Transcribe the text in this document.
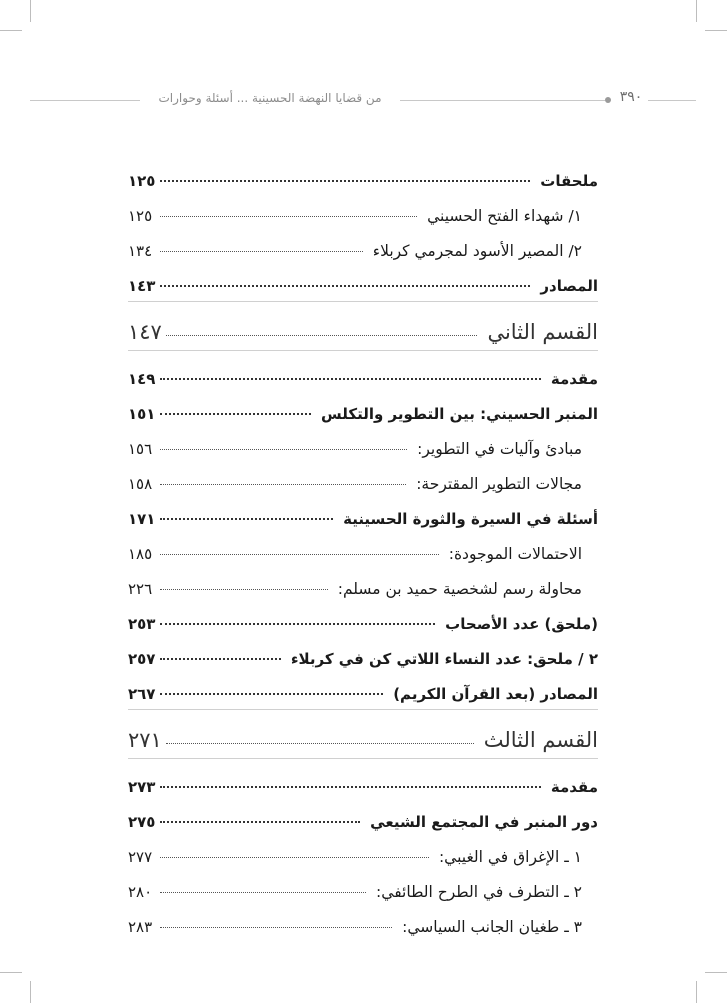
من قضايا النهضة الحسينية ... أسئلة وحوارات	٣٩٠
ملحقات
١٢٥
١/ شهداء الفتح الحسيني
١٢٥
٢/ المصير الأسود لمجرمي كربلاء
١٣٤
المصادر
١٤٣
القسم الثاني
١٤٧
مقدمة
١٤٩
المنبر الحسيني: بين التطوير والتكلس
١٥١
مبادئ وآليات في التطوير:
١٥٦
مجالات التطوير المقترحة:
١٥٨
أسئلة في السيرة والثورة الحسينية
١٧١
الاحتمالات الموجودة:
١٨٥
محاولة رسم لشخصية حميد بن مسلم:
٢٢٦
(ملحق) عدد الأصحاب
٢٥٣
٢ / ملحق: عدد النساء اللاتي كن في كربلاء
٢٥٧
المصادر (بعد القرآن الكريم)
٢٦٧
القسم الثالث
٢٧١
مقدمة
٢٧٣
دور المنبر في المجتمع الشيعي
٢٧٥
١ ـ الإغراق في الغيبي:
٢٧٧
٢ ـ التطرف في الطرح الطائفي:
٢٨٠
٣ ـ طغيان الجانب السياسي:
٢٨٣
